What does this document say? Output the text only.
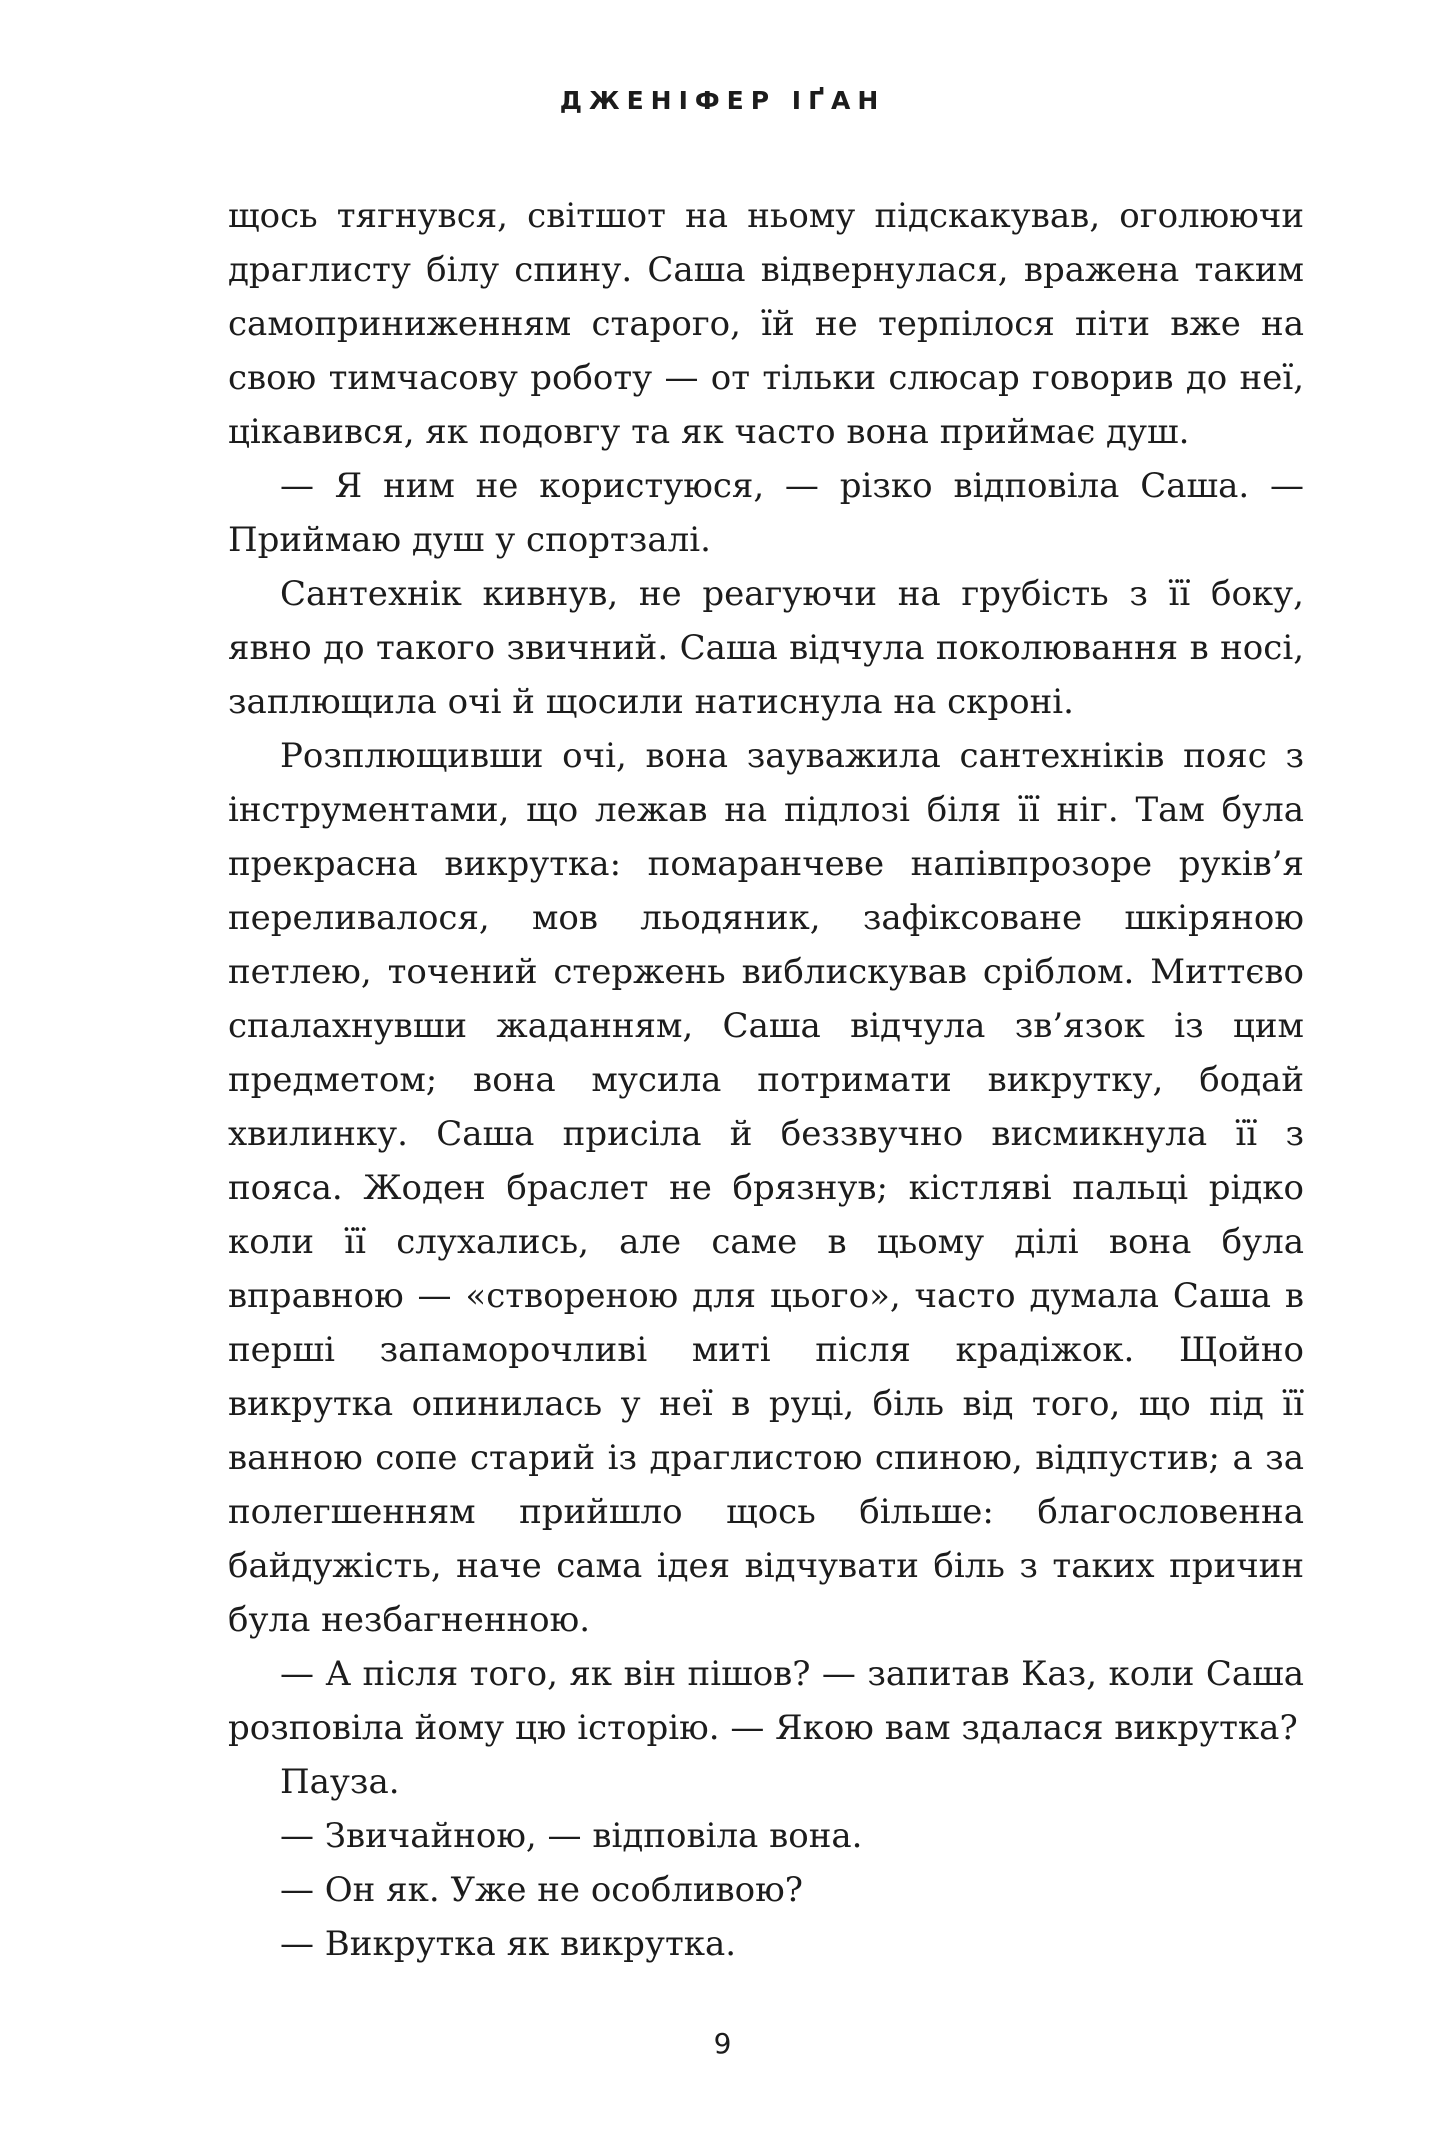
ДЖЕНІФЕР ІҐАН

щось тягнувся, світшот на ньому підскакував, оголюючи драглисту білу спину. Саша відвернулася, вражена таким самоприниженням старого, їй не терпілося піти вже на свою тимчасову роботу — от тільки слюсар говорив до неї, цікавився, як подовгу та як часто вона приймає душ.

— Я ним не користуюся, — різко відповіла Саша. — Приймаю душ у спортзалі.

Сантехнік кивнув, не реагуючи на грубість з її боку, явно до такого звичний. Саша відчула поколювання в носі, заплющила очі й щосили натиснула на скроні.

Розплющивши очі, вона зауважила сантехніків пояс з інструментами, що лежав на підлозі біля її ніг. Там була прекрасна викрутка: помаранчеве напівпрозоре руків’я переливалося, мов льодяник, зафіксоване шкіряною петлею, точений стержень виблискував сріблом. Миттєво спалахнувши жаданням, Саша відчула зв’язок із цим предметом; вона мусила потримати викрутку, бодай хвилинку. Саша присіла й беззвучно висмикнула її з пояса. Жоден браслет не брязнув; кістляві пальці рідко коли її слухались, але саме в цьому ділі вона була вправною — «створеною для цього», часто думала Саша в перші запаморочливі миті після крадіжок. Щойно викрутка опинилась у неї в руці, біль від того, що під її ванною сопе старий із драглистою спиною, відпустив; а за полегшенням прийшло щось більше: благословенна байдужість, наче сама ідея відчувати біль з таких причин була незбагненною.

— А після того, як він пішов? — запитав Каз, коли Саша розповіла йому цю історію. — Якою вам здалася викрутка?

Пауза.

— Звичайною, — відповіла вона.

— Он як. Уже не особливою?

— Викрутка як викрутка.

9
